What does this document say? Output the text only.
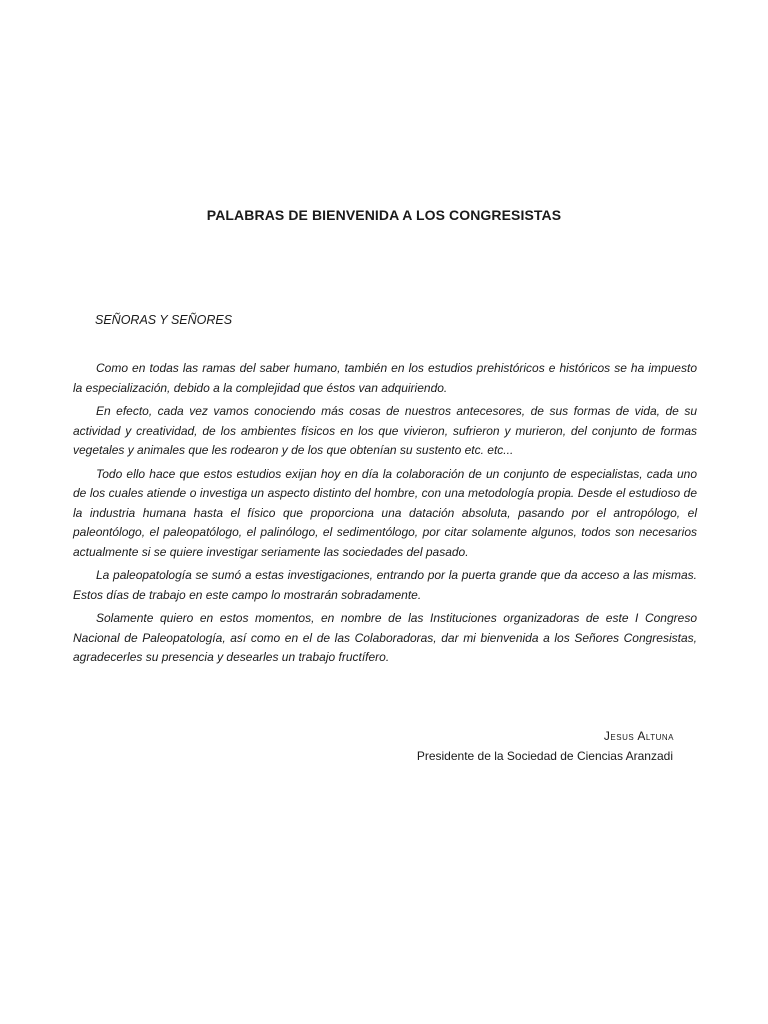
PALABRAS DE BIENVENIDA A LOS CONGRESISTAS
SEÑORAS Y SEÑORES

Como en todas las ramas del saber humano, también en los estudios prehistóricos e históricos se ha impuesto la especialización, debido a la complejidad que éstos van adquiriendo.

En efecto, cada vez vamos conociendo más cosas de nuestros antecesores, de sus formas de vida, de su actividad y creatividad, de los ambientes físicos en los que vivieron, sufrieron y murieron, del conjunto de formas vegetales y animales que les rodearon y de los que obtenían su sustento etc. etc...

Todo ello hace que estos estudios exijan hoy en día la colaboración de un conjunto de especialistas, cada uno de los cuales atiende o investiga un aspecto distinto del hombre, con una metodología propia. Desde el estudioso de la industria humana hasta el físico que proporciona una datación absoluta, pasando por el antropólogo, el paleontólogo, el paleopatólogo, el palinólogo, el sedimentólogo, por citar solamente algunos, todos son necesarios actualmente si se quiere investigar seriamente las sociedades del pasado.

La paleopatología se sumó a estas investigaciones, entrando por la puerta grande que da acceso a las mismas. Estos días de trabajo en este campo lo mostrarán sobradamente.

Solamente quiero en estos momentos, en nombre de las Instituciones organizadoras de este I Congreso Nacional de Paleopatología, así como en el de las Colaboradoras, dar mi bienvenida a los Señores Congresistas, agradecerles su presencia y desearles un trabajo fructífero.

Jesus Altuna
Presidente de la Sociedad de Ciencias Aranzadi
